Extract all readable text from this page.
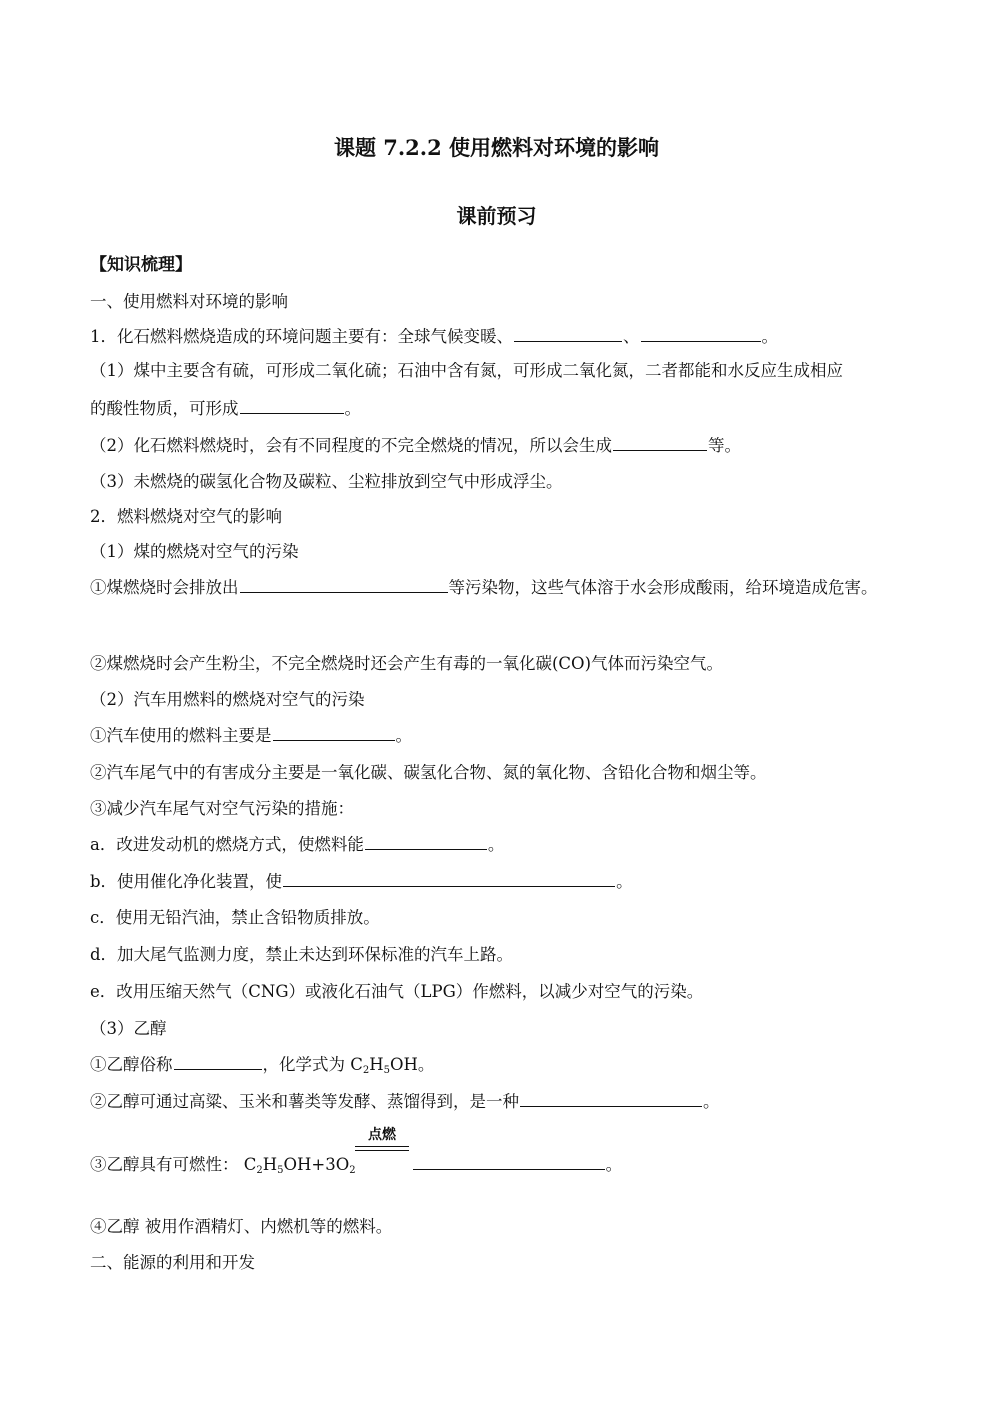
课题 7.2.2 使用燃料对环境的影响
课前预习
【知识梳理】
一、使用燃料对环境的影响
1．化石燃料燃烧造成的环境问题主要有：全球气候变暖、	、	。
（1）煤中主要含有硫，可形成二氧化硫；石油中含有氮，可形成二氧化氮，二者都能和水反应生成相应
的酸性物质，可形成	。
（2）化石燃料燃烧时，会有不同程度的不完全燃烧的情况，所以会生成	等。
（3）未燃烧的碳氢化合物及碳粒、尘粒排放到空气中形成浮尘。
2．燃料燃烧对空气的影响
（1）煤的燃烧对空气的污染
①煤燃烧时会排放出	等污染物，这些气体溶于水会形成酸雨，给环境造成危害。
②煤燃烧时会产生粉尘，不完全燃烧时还会产生有毒的一氧化碳(CO)气体而污染空气。
（2）汽车用燃料的燃烧对空气的污染
①汽车使用的燃料主要是	。
②汽车尾气中的有害成分主要是一氧化碳、碳氢化合物、氮的氧化物、含铅化合物和烟尘等。
③减少汽车尾气对空气污染的措施：
a．改进发动机的燃烧方式，使燃料能	。
b．使用催化净化装置，使	。
c．使用无铅汽油，禁止含铅物质排放。
d．加大尾气监测力度，禁止未达到环保标准的汽车上路。
e．改用压缩天然气（CNG）或液化石油气（LPG）作燃料，以减少对空气的污染。
（3）乙醇
①乙醇俗称	，化学式为 $C_2H_5OH$。
②乙醇可通过高粱、玉米和薯类等发酵、蒸馏得到，是一种	。
点燃
③乙醇具有可燃性： $C_2H_5OH+3O_2$	。
④乙醇 被用作酒精灯、内燃机等的燃料。
二、能源的利用和开发
